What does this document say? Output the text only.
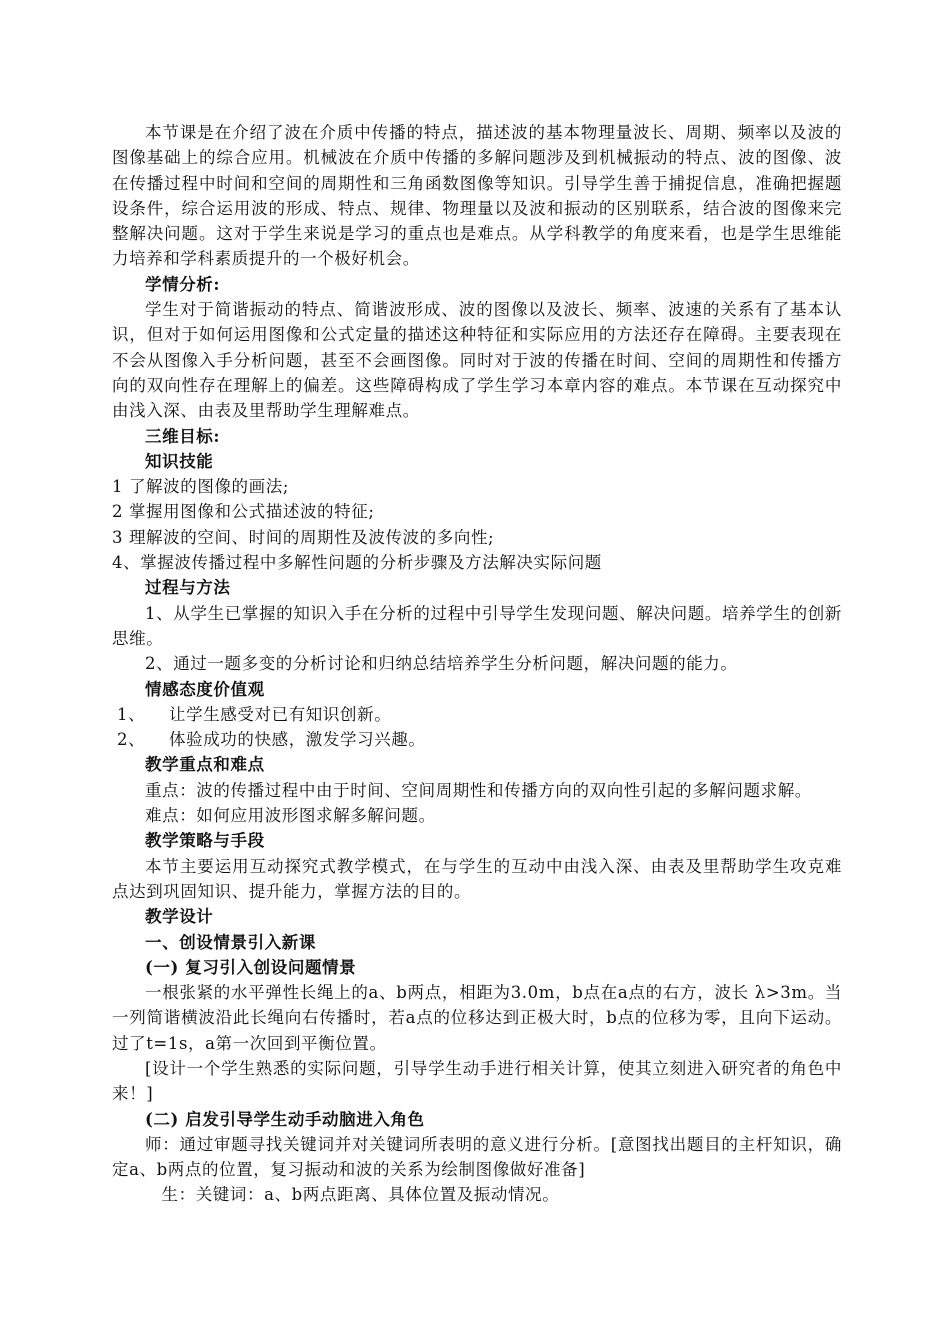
本节课是在介绍了波在介质中传播的特点，描述波的基本物理量波长、周期、频率以及波的图像基础上的综合应用。机械波在介质中传播的多解问题涉及到机械振动的特点、波的图像、波在传播过程中时间和空间的周期性和三角函数图像等知识。引导学生善于捕捉信息，准确把握题设条件，综合运用波的形成、特点、规律、物理量以及波和振动的区别联系，结合波的图像来完整解决问题。这对于学生来说是学习的重点也是难点。从学科教学的角度来看，也是学生思维能力培养和学科素质提升的一个极好机会。

学情分析:

学生对于简谐振动的特点、简谐波形成、波的图像以及波长、频率、波速的关系有了基本认识，但对于如何运用图像和公式定量的描述这种特征和实际应用的方法还存在障碍。主要表现在不会从图像入手分析问题，甚至不会画图像。同时对于波的传播在时间、空间的周期性和传播方向的双向性存在理解上的偏差。这些障碍构成了学生学习本章内容的难点。本节课在互动探究中由浅入深、由表及里帮助学生理解难点。

三维目标:

知识技能

1 了解波的图像的画法;

2 掌握用图像和公式描述波的特征;

3 理解波的空间、时间的周期性及波传波的多向性;

4、掌握波传播过程中多解性问题的分析步骤及方法解决实际问题

过程与方法

1、从学生已掌握的知识入手在分析的过程中引导学生发现问题、解决问题。培养学生的创新思维。

2、通过一题多变的分析讨论和归纳总结培养学生分析问题，解决问题的能力。

情感态度价值观

1、 让学生感受对已有知识创新。

2、 体验成功的快感，激发学习兴趣。

教学重点和难点

重点：波的传播过程中由于时间、空间周期性和传播方向的双向性引起的多解问题求解。

难点：如何应用波形图求解多解问题。

教学策略与手段

本节主要运用互动探究式教学模式，在与学生的互动中由浅入深、由表及里帮助学生攻克难点达到巩固知识、提升能力，掌握方法的目的。

教学设计

一、创设情景引入新课

(一) 复习引入创设问题情景

一根张紧的水平弹性长绳上的a、b两点，相距为3.0m，b点在a点的右方，波长 λ>3m。当一列简谐横波沿此长绳向右传播时，若a点的位移达到正极大时，b点的位移为零，且向下运动。过了t=1s，a第一次回到平衡位置。

[设计一个学生熟悉的实际问题，引导学生动手进行相关计算，使其立刻进入研究者的角色中来！]

(二) 启发引导学生动手动脑进入角色

师：通过审题寻找关键词并对关键词所表明的意义进行分析。[意图找出题目的主杆知识，确定a、b两点的位置，复习振动和波的关系为绘制图像做好准备]

生：关键词：a、b两点距离、具体位置及振动情况。
